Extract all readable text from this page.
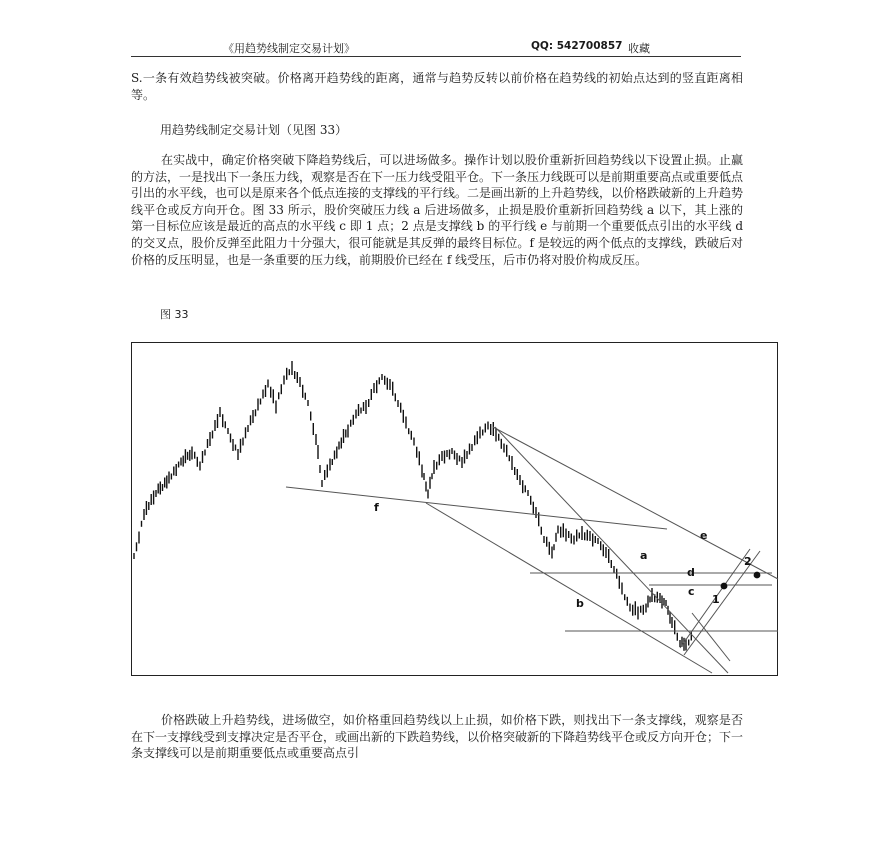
《用趋势线制定交易计划》	QQ: 542700857 收藏

S.一条有效趋势线被突破。价格离开趋势线的距离，通常与趋势反转以前价格在趋势线的初始点达到的竖直距离相等。

用趋势线制定交易计划（见图 33）

在实战中，确定价格突破下降趋势线后，可以进场做多。操作计划以股价重新折回趋势线以下设置止损。止赢的方法，一是找出下一条压力线，观察是否在下一压力线受阻平仓。下一条压力线既可以是前期重要高点或重要低点引出的水平线，也可以是原来各个低点连接的支撑线的平行线。二是画出新的上升趋势线，以价格跌破新的上升趋势线平仓或反方向开仓。图 33 所示，股价突破压力线 a 后进场做多，止损是股价重新折回趋势线 a 以下，其上涨的第一目标位应该是最近的高点的水平线 c 即 1 点；2 点是支撑线 b 的平行线 e 与前期一个重要低点引出的水平线 d 的交叉点，股价反弹至此阻力十分强大，很可能就是其反弹的最终目标位。f 是较远的两个低点的支撑线，跌破后对价格的反压明显，也是一条重要的压力线，前期股价已经在 f 线受压，后市仍将对股价构成反压。

图 33

f
a
b
c
d
e
1
2

价格跌破上升趋势线，进场做空，如价格重回趋势线以上止损，如价格下跌，则找出下一条支撑线，观察是否在下一支撑线受到支撑决定是否平仓，或画出新的下跌趋势线，以价格突破新的下降趋势线平仓或反方向开仓；下一条支撑线可以是前期重要低点或重要高点引
